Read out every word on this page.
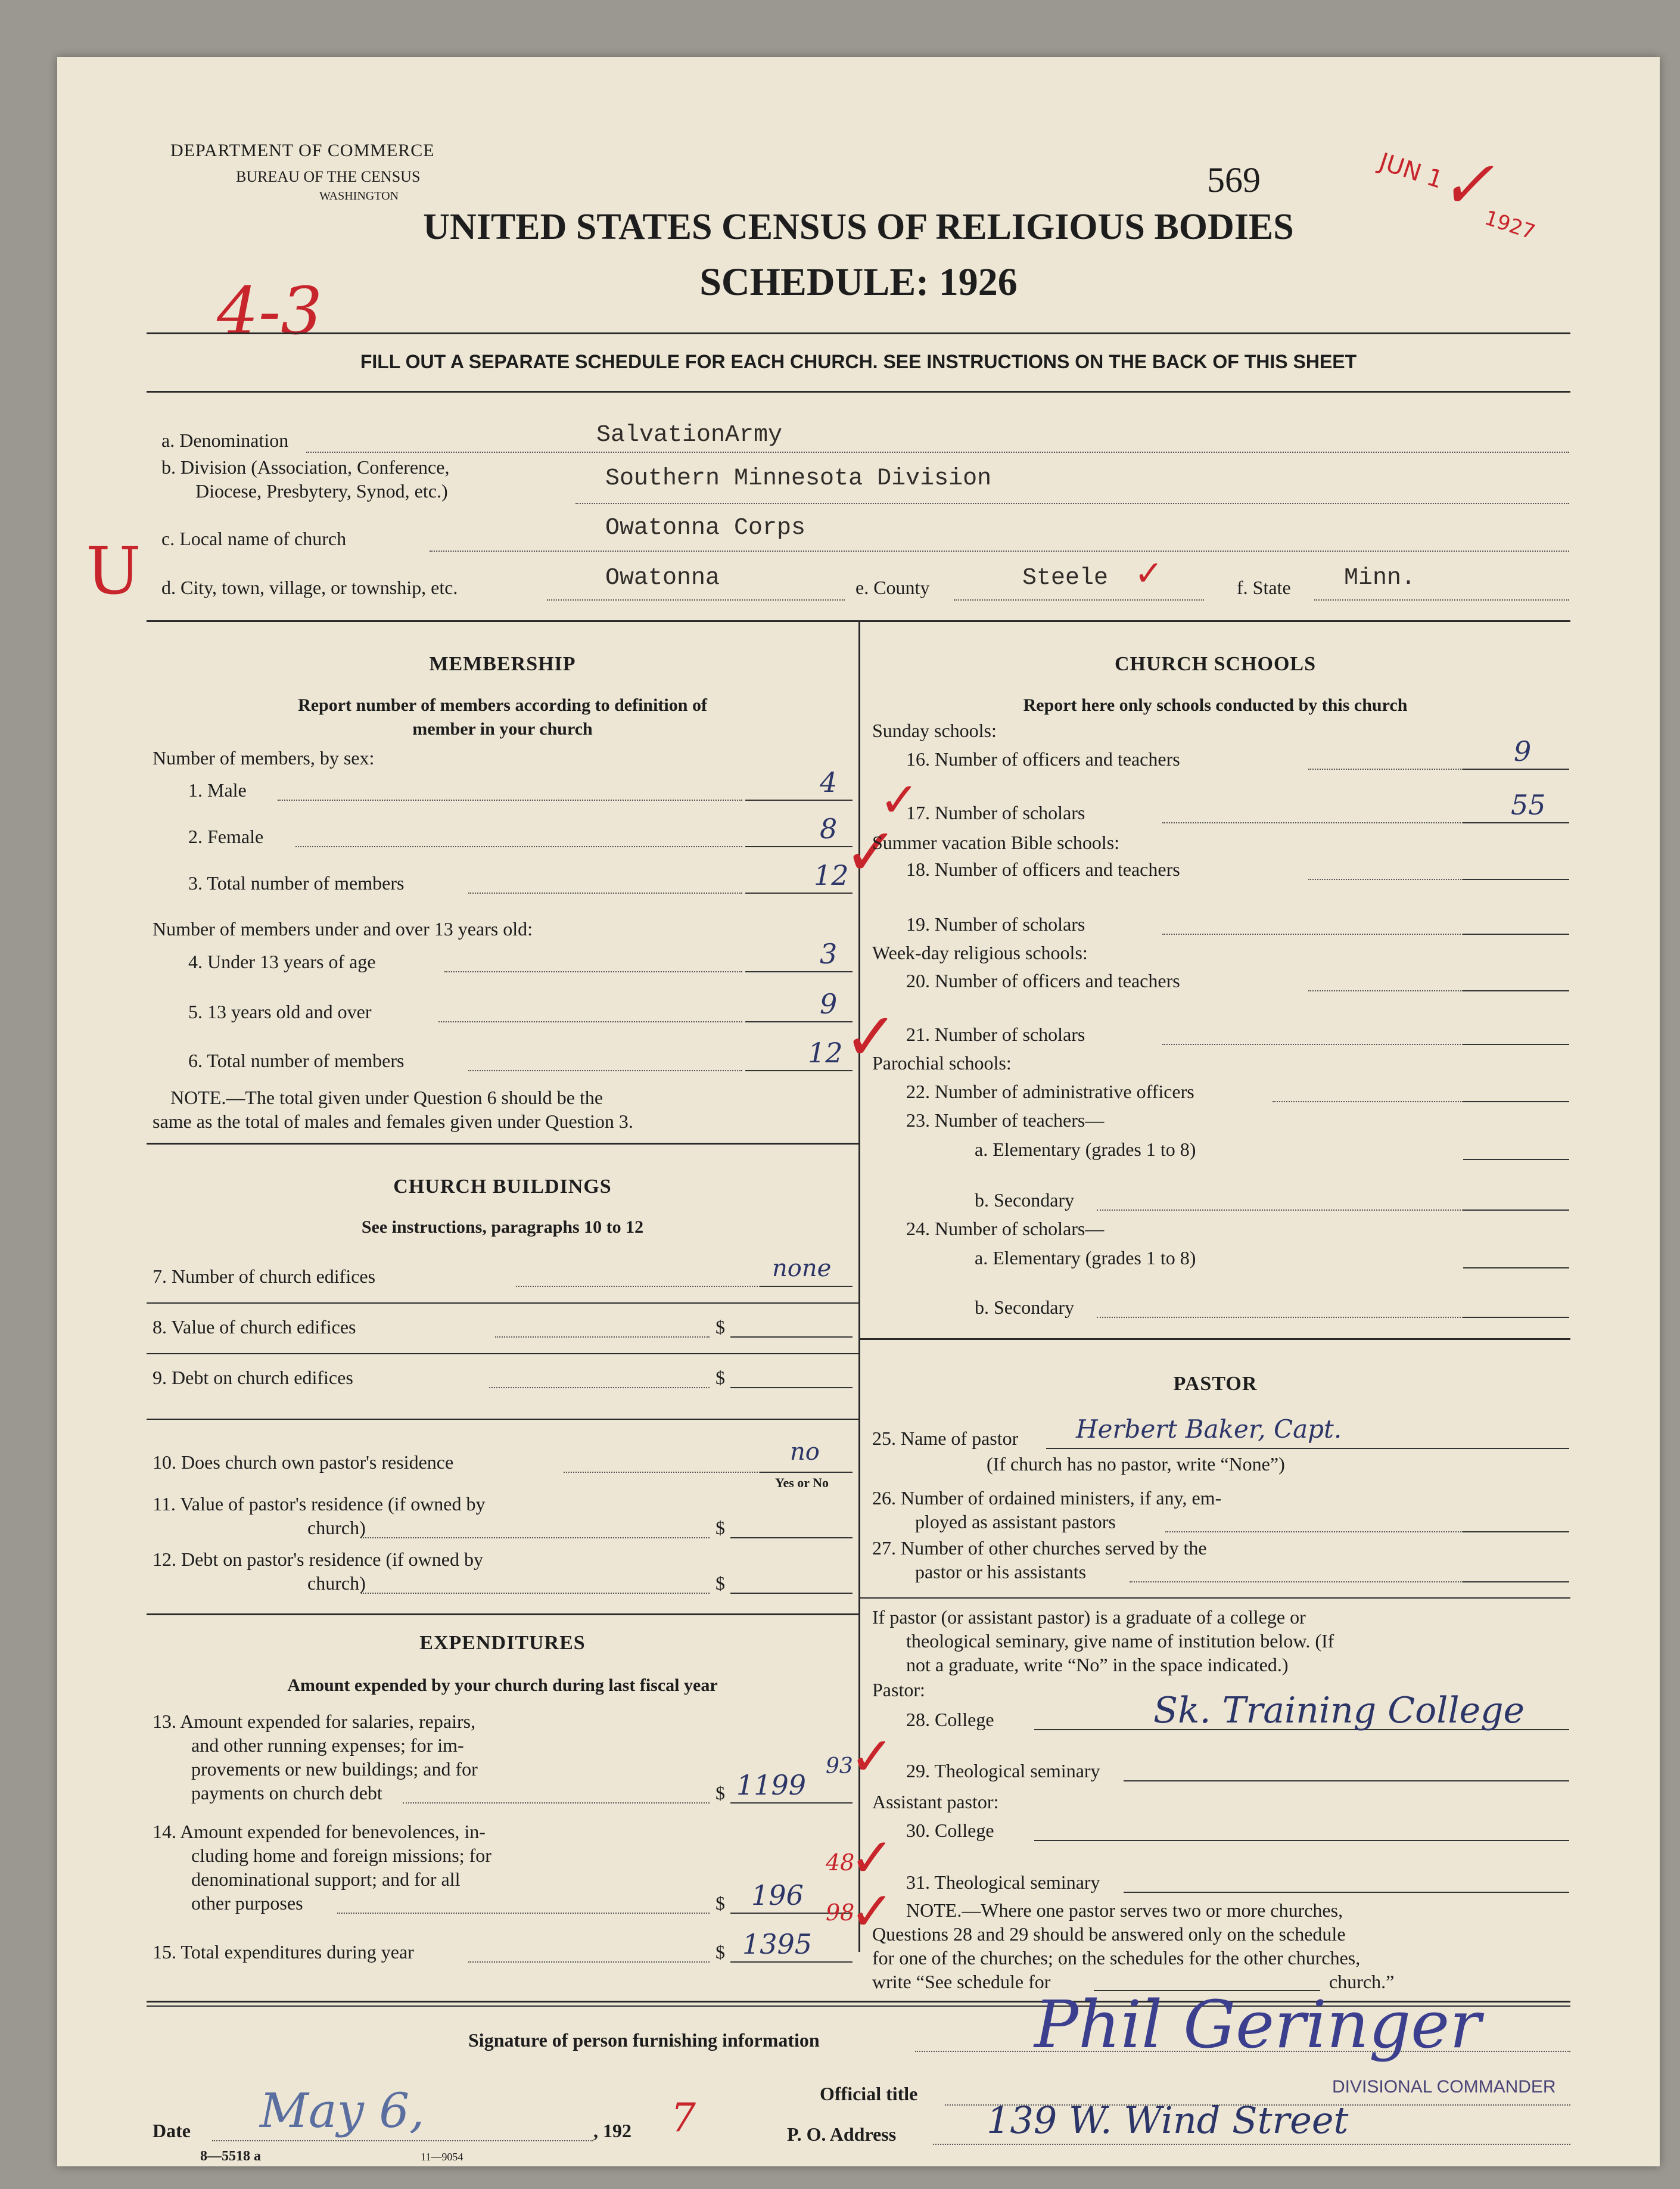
DEPARTMENT OF COMMERCE
BUREAU OF THE CENSUS
WASHINGTON	569	JUN 1
1927
✓
4-3
UNITED STATES CENSUS OF RELIGIOUS BODIES
SCHEDULE: 1926
FILL OUT A SEPARATE SCHEDULE FOR EACH CHURCH. SEE INSTRUCTIONS ON THE BACK OF THIS SHEET
a. Denomination	SalvationArmy
b. Division (Association, Conference,
Diocese, Presbytery, Synod, etc.)	Southern Minnesota Division
c. Local name of church	Owatonna Corps
U d. City, town, village, or township, etc.	Owatonna	e. County	Steele ✓	f. State Minn.
MEMBERSHIP
Report number of members according to definition of
member in your church
Number of members, by sex:
1. Male	4
2. Female	8
3. Total number of members	12
✓
Number of members under and over 13 years old:
4. Under 13 years of age	3
5. 13 years old and over	9
6. Total number of members	12 ✓
NOTE.—The total given under Question 6 should be the
same as the total of males and females given under Question 3.
CHURCH BUILDINGS
See instructions, paragraphs 10 to 12
7. Number of church edifices	none
8. Value of church edifices	$
9. Debt on church edifices	$
10. Does church own pastor's residence	no
Yes or No
11. Value of pastor's residence (if owned by
church)	$
12. Debt on pastor's residence (if owned by
church)	$
EXPENDITURES
Amount expended by your church during last fiscal year
13. Amount expended for salaries, repairs,
and other running expenses; for im-
provements or new buildings; and for
payments on church debt	$ 1199
93
✓
14. Amount expended for benevolences, in-
cluding home and foreign missions; for
denominational support; and for all
other purposes	$ 196
48
✓
15. Total expenditures during year	$ 1395
98
✓
CHURCH SCHOOLS
Report here only schools conducted by this church
Sunday schools:
16. Number of officers and teachers	9
17. Number of scholars	55
✓
Summer vacation Bible schools:
18. Number of officers and teachers
19. Number of scholars
Week-day religious schools:
20. Number of officers and teachers
21. Number of scholars
Parochial schools:
22. Number of administrative officers
23. Number of teachers—
a. Elementary (grades 1 to 8)
b. Secondary
24. Number of scholars—
a. Elementary (grades 1 to 8)
b. Secondary
PASTOR
25. Name of pastor Herbert Baker, Capt.
(If church has no pastor, write “None”)
26. Number of ordained ministers, if any, em-
ployed as assistant pastors
27. Number of other churches served by the
pastor or his assistants
If pastor (or assistant pastor) is a graduate of a college or
theological seminary, give name of institution below. (If
not a graduate, write “No” in the space indicated.)
Pastor:
28. College	Sk. Training College
29. Theological seminary
Assistant pastor:
30. College
31. Theological seminary
NOTE.—Where one pastor serves two or more churches,
Questions 28 and 29 should be answered only on the schedule
for one of the churches; on the schedules for the other churches,
write “See schedule for	church.”
Signature of person furnishing information	Phil Geringer
Official title	DIVISIONAL COMMANDER
Date May 6,	, 192 7	P. O. Address 139 W. Wind Street
8—5518 a	11—9054
